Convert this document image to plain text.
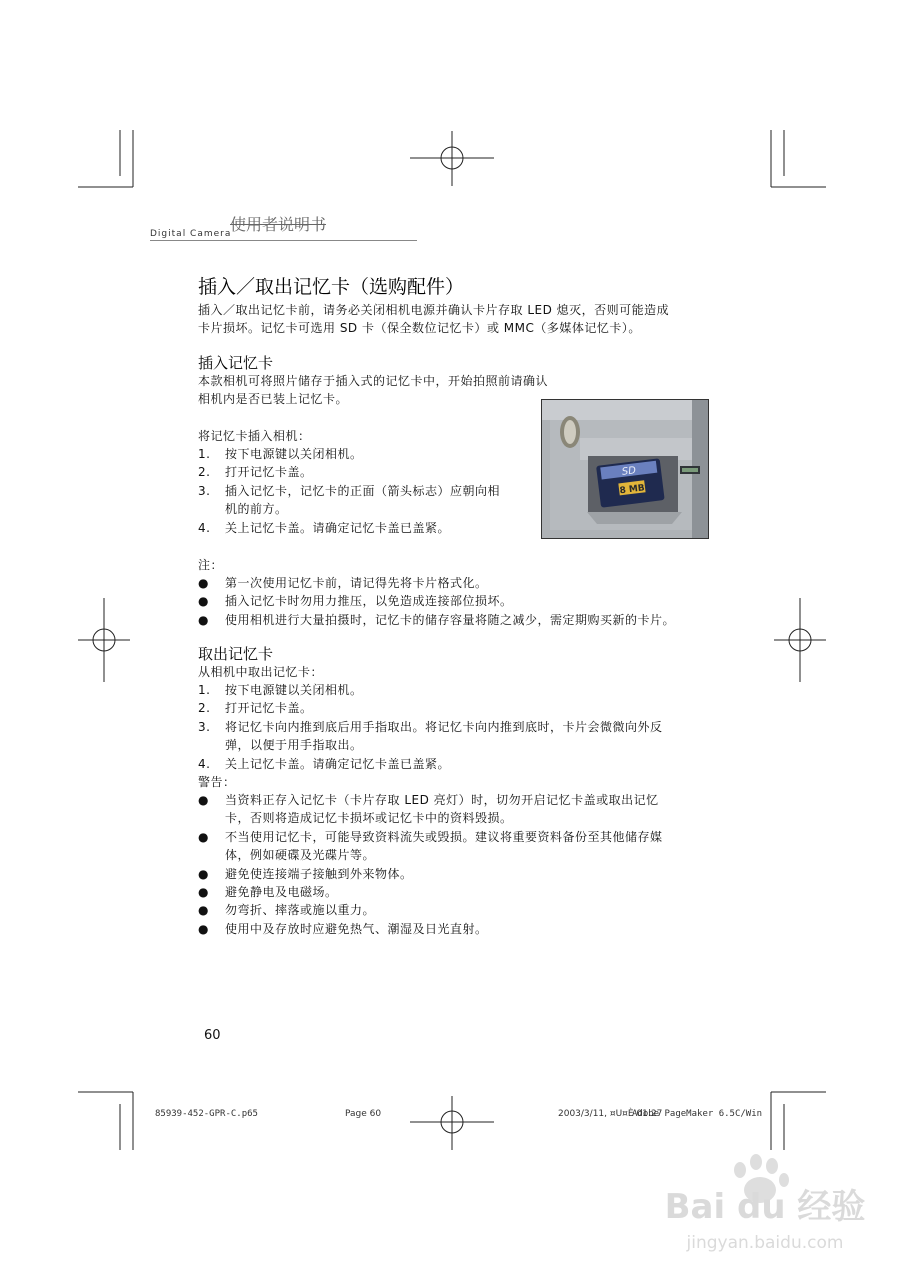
使用者说明书
Digital Camera
插入／取出记忆卡（选购配件）
插入／取出记忆卡前，请务必关闭相机电源并确认卡片存取 LED 熄灭，否则可能造成
卡片损坏。记忆卡可选用 SD 卡（保全数位记忆卡）或 MMC（多媒体记忆卡）。
插入记忆卡
本款相机可将照片储存于插入式的记忆卡中，开始拍照前请确认
相机内是否已装上记忆卡。
将记忆卡插入相机：
1. 按下电源键以关闭相机。
2. 打开记忆卡盖。
3. 插入记忆卡，记忆卡的正面（箭头标志）应朝向相
机的前方。
4. 关上记忆卡盖。请确定记忆卡盖已盖紧。
SD
8 MB
注：
● 第一次使用记忆卡前，请记得先将卡片格式化。
● 插入记忆卡时勿用力推压，以免造成连接部位损坏。
● 使用相机进行大量拍摄时，记忆卡的储存容量将随之减少，需定期购买新的卡片。
取出记忆卡
从相机中取出记忆卡：
1. 按下电源键以关闭相机。
2. 打开记忆卡盖。
3. 将记忆卡向内推到底后用手指取出。将记忆卡向内推到底时，卡片会微微向外反
弹，以便于用手指取出。
4. 关上记忆卡盖。请确定记忆卡盖已盖紧。
警告：
● 当资料正存入记忆卡（卡片存取 LED 亮灯）时，切勿开启记忆卡盖或取出记忆
卡，否则将造成记忆卡损坏或记忆卡中的资料毁损。
● 不当使用记忆卡，可能导致资料流失或毁损。建议将重要资料备份至其他储存媒
体，例如硬碟及光碟片等。
● 避免使连接端子接触到外来物体。
● 避免静电及电磁场。
● 勿弯折、摔落或施以重力。
● 使用中及存放时应避免热气、潮湿及日光直射。
60
85939-452-GPR-C.p65	Page 60	2003/3/11, ¤U¤È 01:27
Adobe PageMaker 6.5C/Win
Bai du 经验
jingyan.baidu.com
